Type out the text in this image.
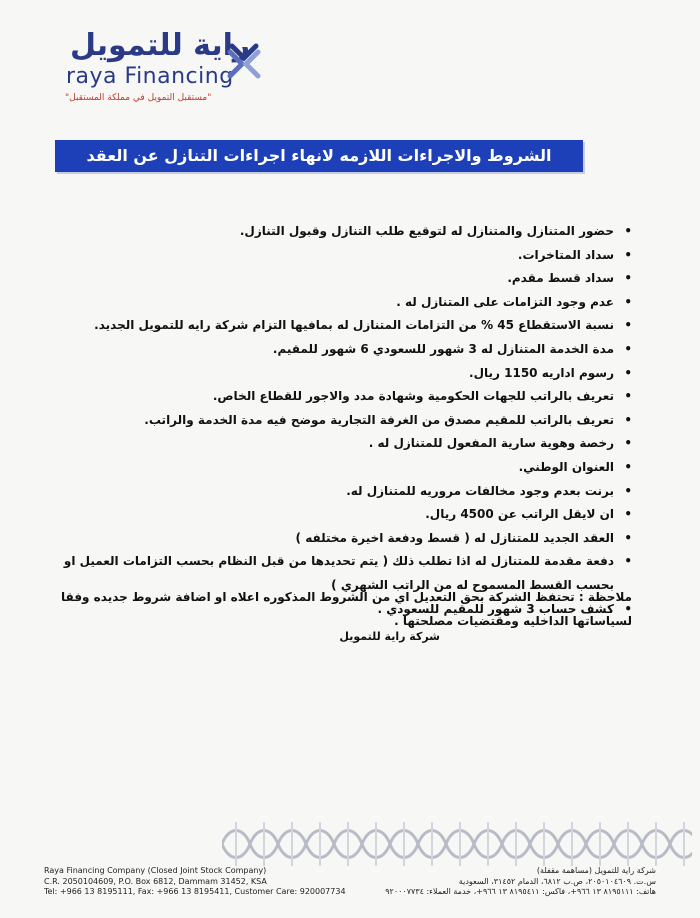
راية للتمويل
raya Financing
"مستقبل التمويل في مملكة المستقبل"
الشروط والاجراءات اللازمه لانهاء اجراءات التنازل عن العقد
• حضور المتنازل والمتنازل له لتوقيع طلب التنازل وقبول التنازل.
• سداد المتاخرات.
• سداد قسط مقدم.
• عدم وجود التزامات على المتنازل له .
• نسبة الاستقطاع 45 % من التزامات المتنازل له بمافيها التزام شركة رايه للتمويل الجديد.
• مدة الخدمة المتنازل له 3 شهور للسعودي 6 شهور للمقيم.
• رسوم اداريه 1150 ريال.
• تعريف بالراتب للجهات الحكومية وشهادة مدد والاجور للقطاع الخاص.
• تعريف بالراتب للمقيم مصدق من الغرفة التجارية موضح فيه مدة الخدمة والراتب.
• رخصة وهوية سارية المفعول للمتنازل له .
• العنوان الوطني.
• برنت بعدم وجود مخالفات مروريه للمتنازل له.
• ان لايقل الراتب عن 4500 ريال.
• العقد الجديد للمتنازل له ( قسط ودفعة اخيرة مختلفه )
• دفعة مقدمة للمتنازل له اذا تطلب ذلك ( يتم تحديدها من قبل النظام بحسب التزامات العميل او بحسب القسط المسموح له من الراتب الشهري )
• كشف حساب 3 شهور للمقيم للسعودي .
ملاحظة : تحتفظ الشركة بحق التعديل اي من الشروط المذكوره اعلاه او اضافة شروط جديده وفقا لسياساتها الداخليه ومقتضيات مصلحتها .
شركة راية للتمويل
Raya Financing Company (Closed Joint Stock Company)
C.R. 2050104609, P.O. Box 6812, Dammam 31452, KSA
Tel: +966 13 8195111, Fax: +966 13 8195411, Customer Care: 920007734
شركة راية للتمويل (مساهمة مقفلة)
س.ت. ٢٠٥٠١٠٤٦٠٩، ص.ب ٦٨١٢، الدمام ٣١٤٥٢، السعودية
هاتف: ٨١٩٥١١١ ١٣ ٩٦٦+، فاكس: ٨١٩٥٤١١ ١٣ ٩٦٦+، خدمة العملاء: ٩٢٠٠٠٧٧٣٤
